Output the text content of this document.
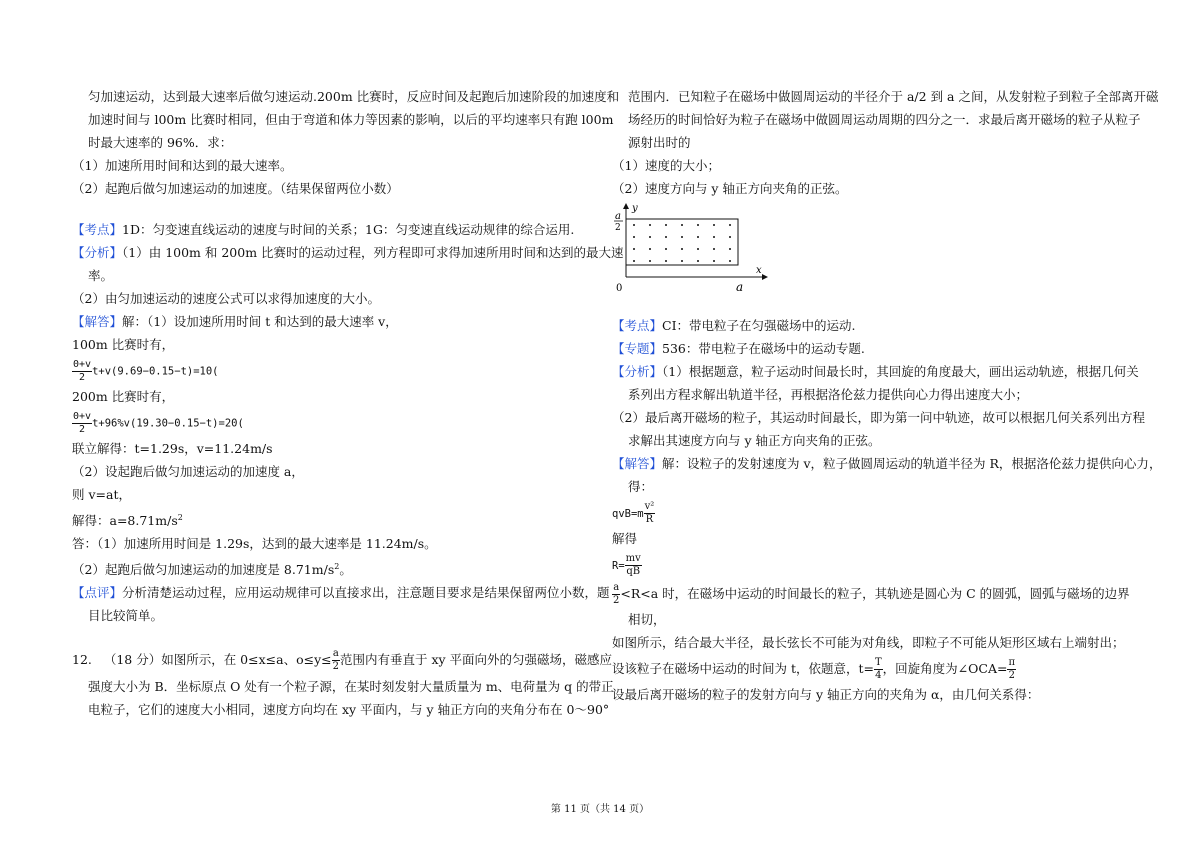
匀加速运动，达到最大速率后做匀速运动.200m 比赛时，反应时间及起跑后加速阶段的加速度和

加速时间与 l00m 比赛时相同，但由于弯道和体力等因素的影响，以后的平均速率只有跑 l00m

时最大速率的 96%．求：

（1）加速所用时间和达到的最大速率。

（2）起跑后做匀加速运动的加速度。（结果保留两位小数）

【考点】1D：匀变速直线运动的速度与时间的关系；1G：匀变速直线运动规律的综合运用.

【分析】（1）由 100m 和 200m 比赛时的运动过程，列方程即可求得加速所用时间和达到的最大速

率。

（2）由匀加速运动的速度公式可以求得加速度的大小。

【解答】解：（1）设加速所用时间 t 和达到的最大速率 v，

100m 比赛时有，

$\frac{0+v}{2} t+v(9.69-0.15-t)=10$(

200m 比赛时有，

$\frac{0+v}{2} t+96\%v(19.30-0.15-t)=20$(

联立解得：t=1.29s，v=11.24m/s

（2）设起跑后做匀加速运动的加速度 a，

则 v=at，

解得：$a=8.71m/s^2$

答：（1）加速所用时间是 1.29s，达到的最大速率是 11.24m/s。

（2）起跑后做匀加速运动的加速度是 $8.71m/s^2$。

【点评】分析清楚运动过程，应用运动规律可以直接求出，注意题目要求是结果保留两位小数，题

目比较简单。

12. （18 分）如图所示，在 0≤x≤a、$o\le y\le \frac{a}{2}$ 范围内有垂直于 xy 平面向外的匀强磁场，磁感应

强度大小为 B．坐标原点 O 处有一个粒子源，在某时刻发射大量质量为 m、电荷量为 q 的带正

电粒子，它们的速度大小相同，速度方向均在 xy 平面内，与 y 轴正方向的夹角分布在 0～90°

范围内．已知粒子在磁场中做圆周运动的半径介于 a/2 到 a 之间，从发射粒子到粒子全部离开磁

场经历的时间恰好为粒子在磁场中做圆周运动周期的四分之一．求最后离开磁场的粒子从粒子

源射出时的

（1）速度的大小；

（2）速度方向与 y 轴正方向夹角的正弦。

y
x
0	a
a
2

【考点】CI：带电粒子在匀强磁场中的运动.

【专题】536：带电粒子在磁场中的运动专题.

【分析】（1）根据题意，粒子运动时间最长时，其回旋的角度最大，画出运动轨迹，根据几何关

系列出方程求解出轨道半径，再根据洛伦兹力提供向心力得出速度大小；

（2）最后离开磁场的粒子，其运动时间最长，即为第一问中轨迹，故可以根据几何关系列出方程

求解出其速度方向与 y 轴正方向夹角的正弦。

【解答】解：设粒子的发射速度为 v，粒子做圆周运动的轨道半径为 R，根据洛伦兹力提供向心力，

得：

$qvB=m \frac{\text{v²}}{R}$

解得

$R= \frac{mv}{qB}$

$\frac{a}{2} <R<a$ 时，在磁场中运动的时间最长的粒子，其轨迹是圆心为 C 的圆弧，圆弧与磁场的边界

相切，

如图所示，结合最大半径，最长弦长不可能为对角线，即粒子不可能从矩形区域右上端射出；

设该粒子在磁场中运动的时间为 t，依题意，$t= \frac{T}{4}$ ，回旋角度为∠OCA= $\frac{\pi}{2}$

设最后离开磁场的粒子的发射方向与 y 轴正方向的夹角为 α，由几何关系得：

第 11 页（共 14 页）
